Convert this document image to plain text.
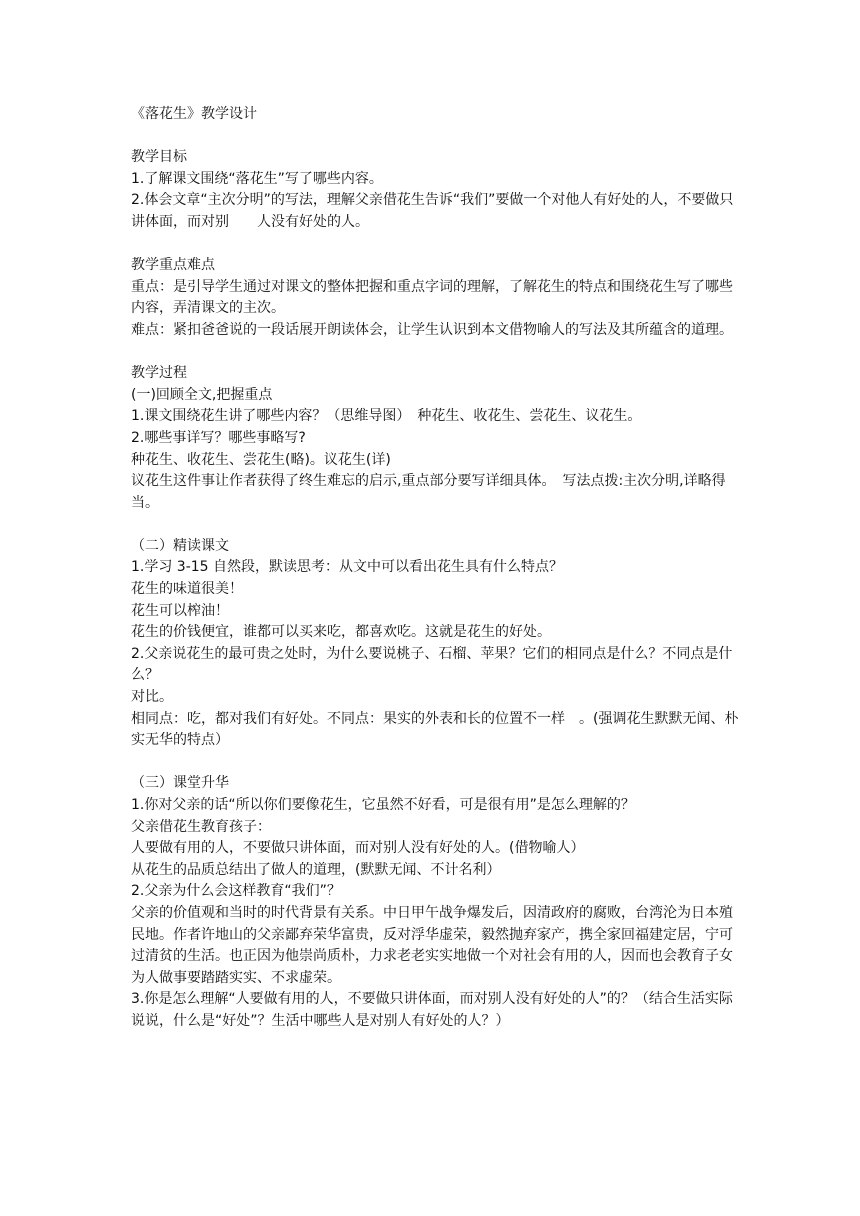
《落花生》教学设计

教学目标

1.了解课文围绕“落花生”写了哪些内容。

2.体会文章“主次分明”的写法，理解父亲借花生告诉“我们”要做一个对他人有好处的人，不要做只讲体面，而对别　　人没有好处的人。

教学重点难点

重点：是引导学生通过对课文的整体把握和重点字词的理解，了解花生的特点和围绕花生写了哪些内容，弄清课文的主次。

难点：紧扣爸爸说的一段话展开朗读体会，让学生认识到本文借物喻人的写法及其所蕴含的道理。

教学过程

(一)回顾全文,把握重点

1.课文围绕花生讲了哪些内容？（思维导图）　种花生、收花生、尝花生、议花生。

2.哪些事详写？哪些事略写?

种花生、收花生、尝花生(略)。议花生(详)

议花生这件事让作者获得了终生难忘的启示,重点部分要写详细具体。　写法点拨:主次分明,详略得当。

（二）精读课文

1.学习 3-15 自然段，默读思考：从文中可以看出花生具有什么特点？

花生的味道很美！

花生可以榨油！

花生的价钱便宜，谁都可以买来吃，都喜欢吃。这就是花生的好处。

2.父亲说花生的最可贵之处时，为什么要说桃子、石榴、苹果？它们的相同点是什么？不同点是什么？

对比。

相同点：吃，都对我们有好处。不同点：果实的外表和长的位置不一样　。(强调花生默默无闻、朴实无华的特点）

（三）课堂升华

1.你对父亲的话“所以你们要像花生，它虽然不好看，可是很有用”是怎么理解的？

父亲借花生教育孩子：

人要做有用的人，不要做只讲体面，而对别人没有好处的人。(借物喻人）

从花生的品质总结出了做人的道理，(默默无闻、不计名利）

2.父亲为什么会这样教育“我们”？

父亲的价值观和当时的时代背景有关系。中日甲午战争爆发后，因清政府的腐败，台湾沦为日本殖民地。作者许地山的父亲鄙弃荣华富贵，反对浮华虚荣，毅然抛弃家产，携全家回福建定居，宁可过清贫的生活。也正因为他崇尚质朴，力求老老实实地做一个对社会有用的人，因而也会教育子女为人做事要踏踏实实、不求虚荣。

3.你是怎么理解“人要做有用的人，不要做只讲体面，而对别人没有好处的人”的？（结合生活实际说说，什么是“好处”？生活中哪些人是对别人有好处的人？）
